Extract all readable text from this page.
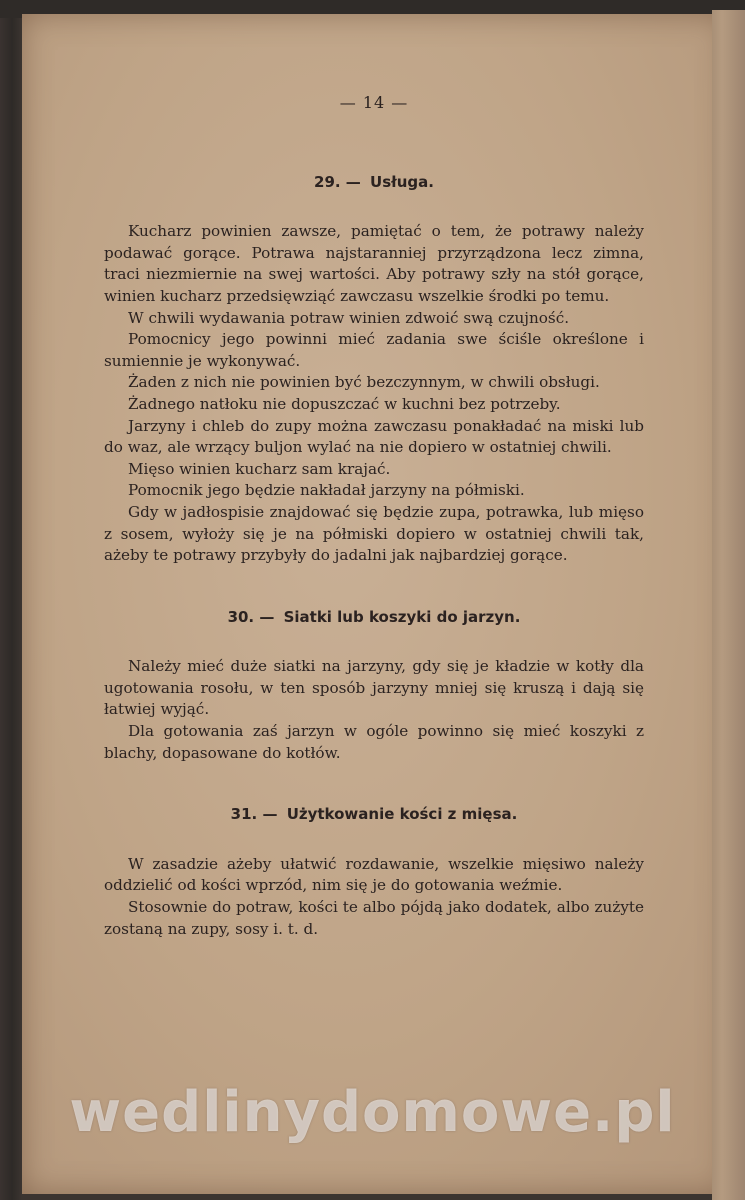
— 14 —
29. — Usługa.

Kucharz powinien zawsze, pamiętać o tem, że potrawy należy podawać gorące. Potrawa najstaranniej przyrządzona lecz zimna, traci niezmiernie na swej wartości. Aby potrawy szły na stół gorące, winien kucharz przedsięwziąć zawczasu wszelkie środki po temu.

W chwili wydawania potraw winien zdwoić swą czujność.

Pomocnicy jego powinni mieć zadania swe ściśle określone i sumiennie je wykonywać.

Żaden z nich nie powinien być bezczynnym, w chwili obsługi.

Żadnego natłoku nie dopuszczać w kuchni bez potrzeby.

Jarzyny i chleb do zupy można zawczasu ponakładać na miski lub do waz, ale wrzący buljon wylać na nie dopiero w ostatniej chwili.

Mięso winien kucharz sam krajać.

Pomocnik jego będzie nakładał jarzyny na półmiski.

Gdy w jadłospisie znajdować się będzie zupa, potrawka, lub mięso z sosem, wyłoży się je na półmiski dopiero w ostatniej chwili tak, ażeby te potrawy przybyły do jadalni jak najbardziej gorące.

30. — Siatki lub koszyki do jarzyn.

Należy mieć duże siatki na jarzyny, gdy się je kładzie w kotły dla ugotowania rosołu, w ten sposób jarzyny mniej się kruszą i dają się łatwiej wyjąć.

Dla gotowania zaś jarzyn w ogóle powinno się mieć koszyki z blachy, dopasowane do kotłów.

31. — Użytkowanie kości z mięsa.

W zasadzie ażeby ułatwić rozdawanie, wszelkie mięsiwo należy oddzielić od kości wprzód, nim się je do gotowania weźmie.

Stosownie do potraw, kości te albo pójdą jako dodatek, albo zużyte zostaną na zupy, sosy i. t. d.

wedlinydomowe.pl
